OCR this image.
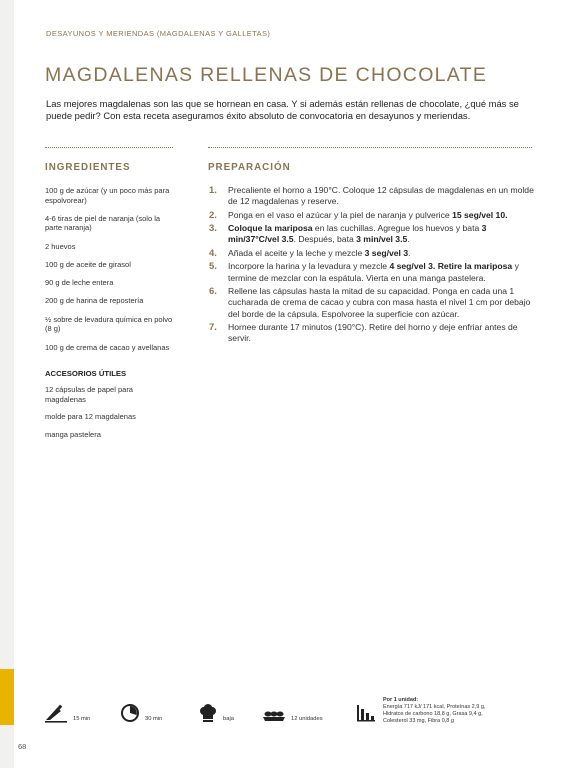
68
DESAYUNOS Y MERIENDAS (MAGDALENAS Y GALLETAS)
MAGDALENAS RELLENAS DE CHOCOLATE
Las mejores magdalenas son las que se hornean en casa. Y si además están rellenas de chocolate, ¿qué más se puede pedir? Con esta receta aseguramos éxito absoluto de convocatoria en desayunos y meriendas.
INGREDIENTES
100 g de azúcar (y un poco más para espolvorear)
4-6 tiras de piel de naranja (solo la parte naranja)
2 huevos
100 g de aceite de girasol
90 g de leche entera
200 g de harina de repostería
½ sobre de levadura química en polvo (8 g)
100 g de crema de cacao y avellanas
ACCESORIOS ÚTILES
12 cápsulas de papel para magdalenas
molde para 12 magdalenas
manga pastelera
PREPARACIÓN
1. Precaliente el horno a 190°C. Coloque 12 cápsulas de magdalenas en un molde de 12 magdalenas y reserve.
2. Ponga en el vaso el azúcar y la piel de naranja y pulverice 15 seg/vel 10.
3. Coloque la mariposa en las cuchillas. Agregue los huevos y bata 3 min/37°C/vel 3.5. Después, bata 3 min/vel 3.5.
4. Añada el aceite y la leche y mezcle 3 seg/vel 3.
5. Incorpore la harina y la levadura y mezcle 4 seg/vel 3. Retire la mariposa y termine de mezclar con la espátula. Vierta en una manga pastelera.
6. Rellene las cápsulas hasta la mitad de su capacidad. Ponga en cada una 1 cucharada de crema de cacao y cubra con masa hasta el nivel 1 cm por debajo del borde de la cápsula. Espolvoree la superficie con azúcar.
7. Hornee durante 17 minutos (190°C). Retire del horno y deje enfriar antes de servir.
15 min	30 min	baja	12 unidades
Por 1 unidad:
Energía 717 kJ/ 171 kcal, Proteínas 2,9 g,
Hidratos de carbono 18,8 g, Grasa 9,4 g,
Colesterol 33 mg, Fibra 0,8 g
